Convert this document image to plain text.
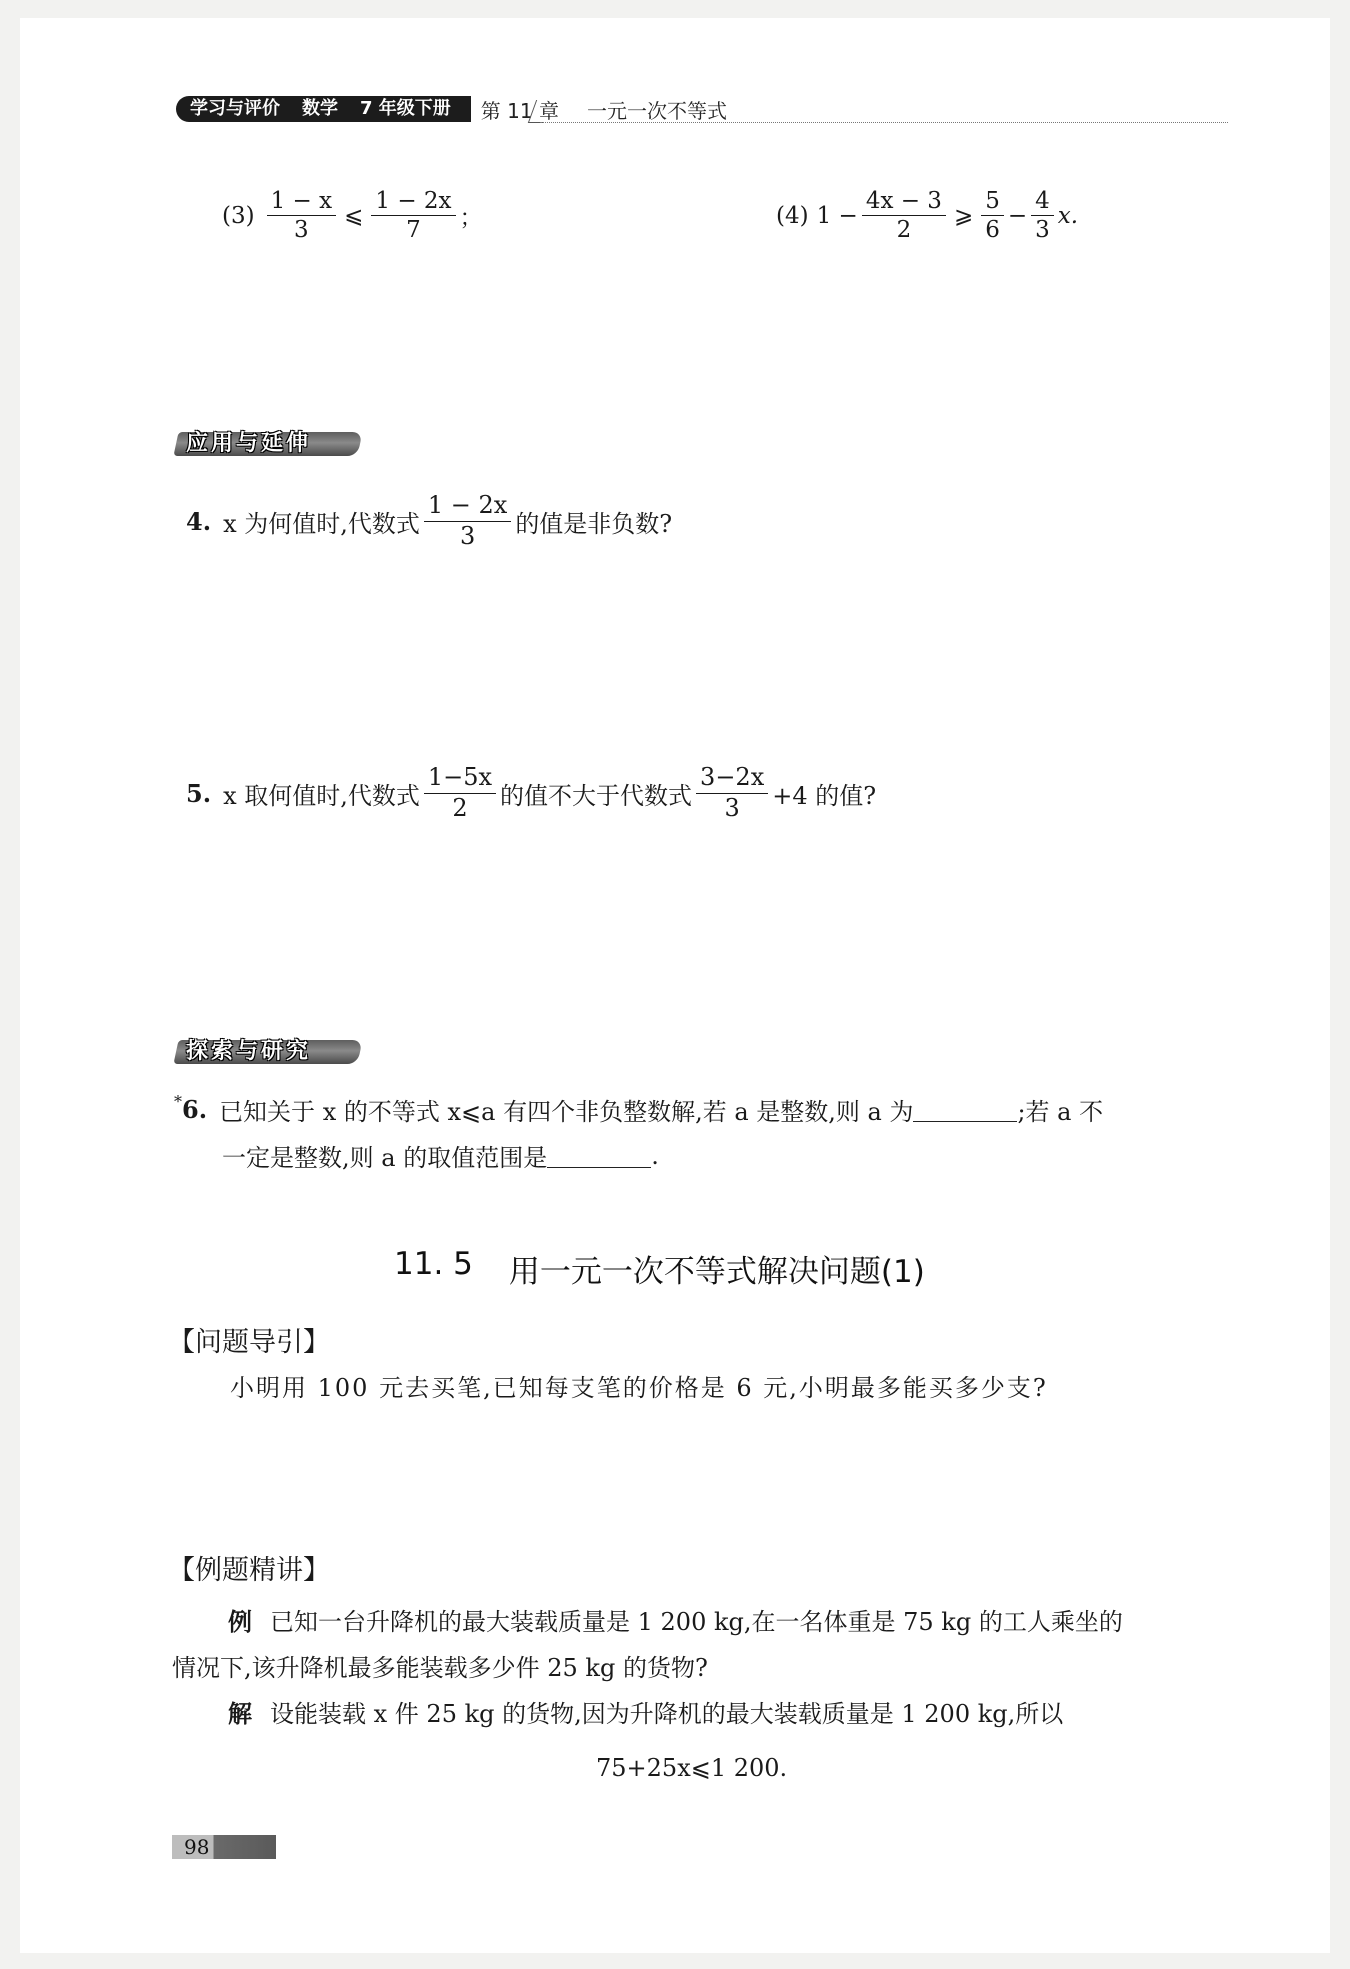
学习与评价 数学 7 年级下册	第 11 章 一元一次不等式
$(3) \frac{1 - x}{3}$ ⩽ $\frac{1 - 2x}{7}$ ；	(4) $1 - \frac{4x - 3}{2}$ ⩾ $\frac{5}{6} - \frac{4}{3} x$.
应用与延伸
4. x 为何值时,代数式 $\frac{1 - 2x}{3}$ 的值是非负数?
5. x 取何值时,代数式 $\frac{1-5x}{2}$ 的值不大于代数式 $\frac{3-2x}{3} +4$ 的值?
探索与研究
* 6. 已知关于 x 的不等式 x⩽a 有四个非负整数解,若 a 是整数,则 a 为	;若 a 不
一定是整数,则 a 的取值范围是	.
11. 5 用一元一次不等式解决问题(1)
【问题导引】
小明用 100 元去买笔,已知每支笔的价格是 6 元,小明最多能买多少支?
【例题精讲】
例 已知一台升降机的最大装载质量是 1 200 kg,在一名体重是 75 kg 的工人乘坐的
情况下,该升降机最多能装载多少件 25 kg 的货物?
解 设能装载 x 件 25 kg 的货物,因为升降机的最大装载质量是 1 200 kg,所以
75+25x⩽1 200.
98
